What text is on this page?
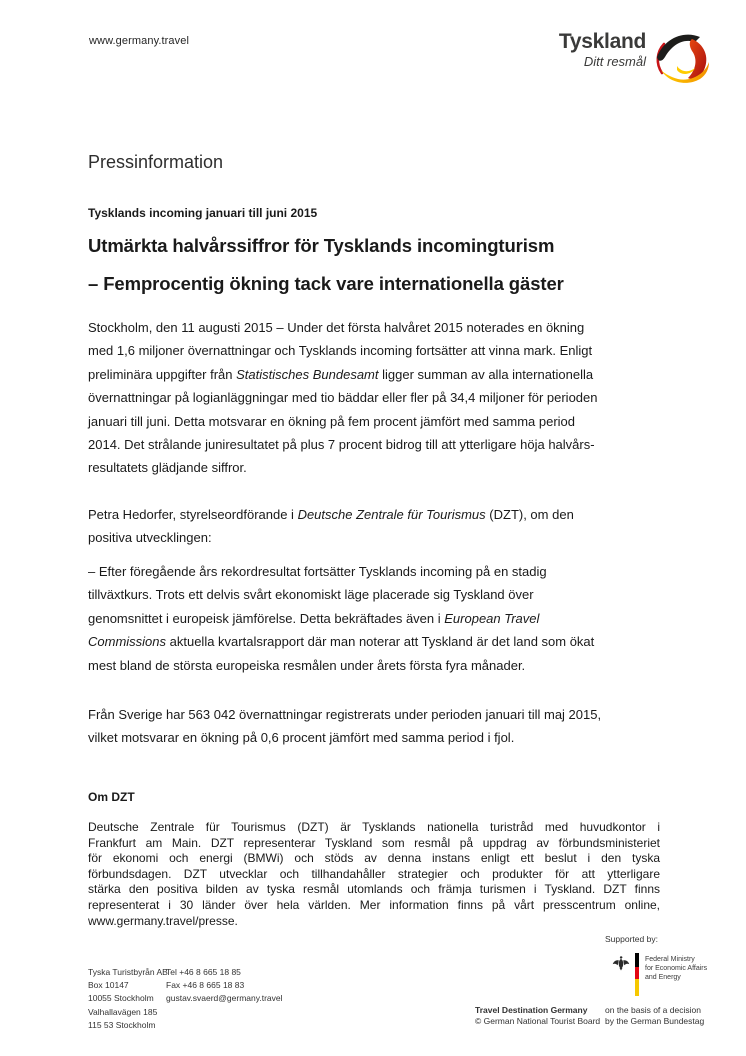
www.germany.travel	Tyskland
Ditt resmål
Pressinformation
Tysklands incoming januari till juni 2015
Utmärkta halvårssiffror för Tysklands incomingturism
– Femprocentig ökning tack vare internationella gäster
Stockholm, den 11 augusti 2015 – Under det första halvåret 2015 noterades en ökning
med 1,6 miljoner övernattningar och Tysklands incoming fortsätter att vinna mark. Enligt
preliminära uppgifter från Statistisches Bundesamt ligger summan av alla internationella
övernattningar på logianläggningar med tio bäddar eller fler på 34,4 miljoner för perioden
januari till juni. Detta motsvarar en ökning på fem procent jämfört med samma period
2014. Det strålande juniresultatet på plus 7 procent bidrog till att ytterligare höja halvårs-
resultatets glädjande siffror.
Petra Hedorfer, styrelseordförande i Deutsche Zentrale für Tourismus (DZT), om den
positiva utvecklingen:
– Efter föregående års rekordresultat fortsätter Tysklands incoming på en stadig
tillväxtkurs. Trots ett delvis svårt ekonomiskt läge placerade sig Tyskland över
genomsnittet i europeisk jämförelse. Detta bekräftades även i European Travel
Commissions aktuella kvartalsrapport där man noterar att Tyskland är det land som ökat
mest bland de största europeiska resmålen under årets första fyra månader.
Från Sverige har 563 042 övernattningar registrerats under perioden januari till maj 2015,
vilket motsvarar en ökning på 0,6 procent jämfört med samma period i fjol.
Om DZT
Deutsche Zentrale für Tourismus (DZT) är Tysklands nationella turistråd med huvudkontor i
Frankfurt am Main. DZT representerar Tyskland som resmål på uppdrag av förbundsministeriet
för ekonomi och energi (BMWi) och stöds av denna instans enligt ett beslut i den tyska
förbundsdagen. DZT utvecklar och tillhandahåller strategier och produkter för att ytterligare
stärka den positiva bilden av tyska resmål utomlands och främja turismen i Tyskland. DZT finns
representerat i 30 länder över hela världen. Mer information finns på vårt presscentrum online,
www.germany.travel/presse.
Tyska Turistbyrån AB
Box 10147
10055 Stockholm
Valhallavägen 185
115 53 Stockholm
Tel +46 8 665 18 85
Fax +46 8 665 18 83
gustav.svaerd@germany.travel
Supported by:
Federal Ministry
for Economic Affairs
and Energy
Travel Destination Germany
© German National Tourist Board
on the basis of a decision
by the German Bundestag
